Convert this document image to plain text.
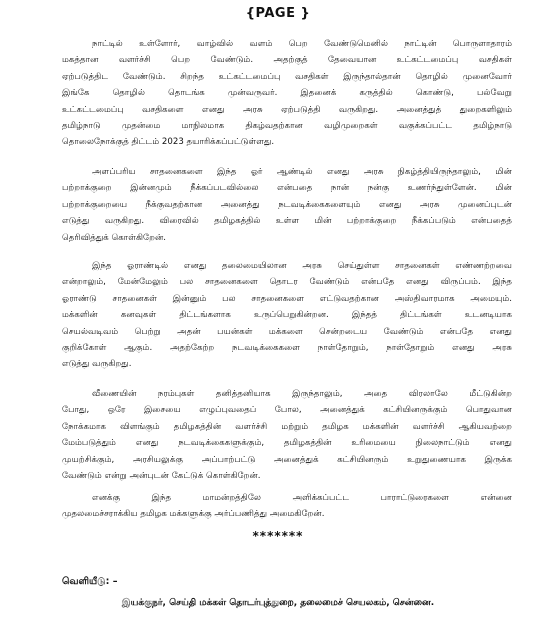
{PAGE }
நாட்டில் உள்ளோர், வாழ்வில் வளம் பெற வேண்டுமெனில் நாட்டின் பொருளாதாரம்
மகத்தான வளர்ச்சி பெற வேண்டும். அதற்குத் தேவையான உட்கட்டமைப்பு வசதிகள்
ஏற்படுத்திட வேண்டும். சிறந்த உட்கட்டமைப்பு வசதிகள் இருந்தால்தான் தொழில் முனைவோர்
இங்கே தொழில் தொடங்க முன்வருவர். இதனைக் கருத்தில் கொண்டு, பல்வேறு
உட்கட்டமைப்பு வசதிகளை எனது அரசு ஏற்படுத்தி வருகிறது. அனைத்துத் துறைகளிலும்
தமிழ்நாடு முதன்மை மாநிலமாக திகழ்வதற்கான வழிமுறைகள் வகுக்கப்பட்ட தமிழ்நாடு
தொலைநோக்குத் திட்டம் 2023 தயாரிக்கப்பட்டுள்ளது.
அளப்பரிய சாதனைகளை இந்த ஓர் ஆண்டில் எனது அரசு நிகழ்த்தியிருந்தாலும், மின்
பற்றாக்குறை இன்னமும் நீக்கப்படவில்லை என்பதை நான் நன்கு உணர்ந்துள்ளேன். மின்
பற்றாக்குறையை நீக்குவதற்கான அனைத்து நடவடிக்கைகளையும் எனது அரசு முனைப்புடன்
எடுத்து வருகிறது. விரைவில் தமிழகத்தில் உள்ள மின் பற்றாக்குறை நீக்கப்படும் என்பதைத்
தெரிவித்துக் கொள்கிறேன்.
இந்த ஓராண்டில் எனது தலைமையிலான அரசு செய்துள்ள சாதனைகள் எண்ணற்றவை
என்றாலும், மேன்மேலும் பல சாதனைகளை தொடர வேண்டும் என்பதே எனது விருப்பம். இந்த
ஓராண்டு சாதனைகள் இன்னும் பல சாதனைகளை எட்டுவதற்கான அஸ்திவாரமாக அமையும்.
மக்களின் கனவுகள் திட்டங்களாக உருப்பெறுகின்றன. இந்தத் திட்டங்கள் உடனடியாக
செயல்வடிவம் பெற்று அதன் பயன்கள் மக்களை சென்றடைய வேண்டும் என்பதே எனது
குறிக்கோள் ஆகும். அதற்கேற்ற நடவடிக்கைகளை நாள்தோறும், நாள்தோறும் எனது அரசு
எடுத்து வருகிறது.
வீணையின் நரம்புகள் தனித்தனியாக இருந்தாலும், அதை விரலாலே மீட்டுகின்ற
போது, ஒரே இசையை எழுப்புவதைப் போல, அனைத்துக் கட்சியினருக்கும் பொதுவான
நோக்கமாக விளங்கும் தமிழகத்தின் வளர்ச்சி மற்றும் தமிழக மக்களின் வளர்ச்சி ஆகியவற்றை
மேம்படுத்தும் எனது நடவடிக்கைகளுக்கும், தமிழகத்தின் உரிமையை நிலைநாட்டும் எனது
முயற்சிக்கும், அரசியலுக்கு அப்பாற்பட்டு அனைத்துக் கட்சியினரும் உறுதுணையாக இருக்க
வேண்டும் என்று அன்புடன் கேட்டுக் கொள்கிறேன்.
எனக்கு இந்த மாமன்றத்திலே அளிக்கப்பட்ட பாராட்டுரைகளை என்னை
முதலமைச்சராக்கிய தமிழக மக்களுக்கு அர்ப்பணித்து அமைகிறேன்.
*******
வெளியீடு: –
இயக்குநர், செய்தி மக்கள் தொடர்புத்துறை, தலைமைச் செயலகம், சென்னை.
